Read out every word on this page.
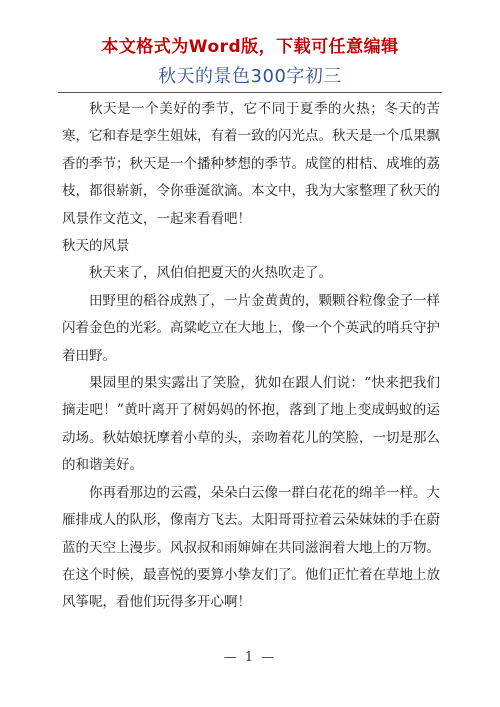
本文格式为Word版，下载可任意编辑
秋天的景色300字初三

秋天是一个美好的季节，它不同于夏季的火热；冬天的苦寒，它和春是孪生姐妹，有着一致的闪光点。秋天是一个瓜果飘香的季节；秋天是一个播种梦想的季节。成筐的柑桔、成堆的荔枝，都很崭新，令你垂涎欲滴。本文中，我为大家整理了秋天的风景作文范文，一起来看看吧！

秋天的风景

秋天来了，风伯伯把夏天的火热吹走了。

田野里的稻谷成熟了，一片金黄黄的，颗颗谷粒像金子一样闪着金色的光彩。高粱屹立在大地上，像一个个英武的哨兵守护着田野。

果园里的果实露出了笑脸，犹如在跟人们说：“快来把我们摘走吧！”黄叶离开了树妈妈的怀抱，落到了地上变成蚂蚁的运动场。秋姑娘抚摩着小草的头，亲吻着花儿的笑脸，一切是那么的和谐美好。

你再看那边的云霞，朵朵白云像一群白花花的绵羊一样。大雁排成人的队形，像南方飞去。太阳哥哥拉着云朵妹妹的手在蔚蓝的天空上漫步。风叔叔和雨婶婶在共同滋润着大地上的万物。在这个时候，最喜悦的要算小挚友们了。他们正忙着在草地上放风筝呢，看他们玩得多开心啊！

— 1 —
